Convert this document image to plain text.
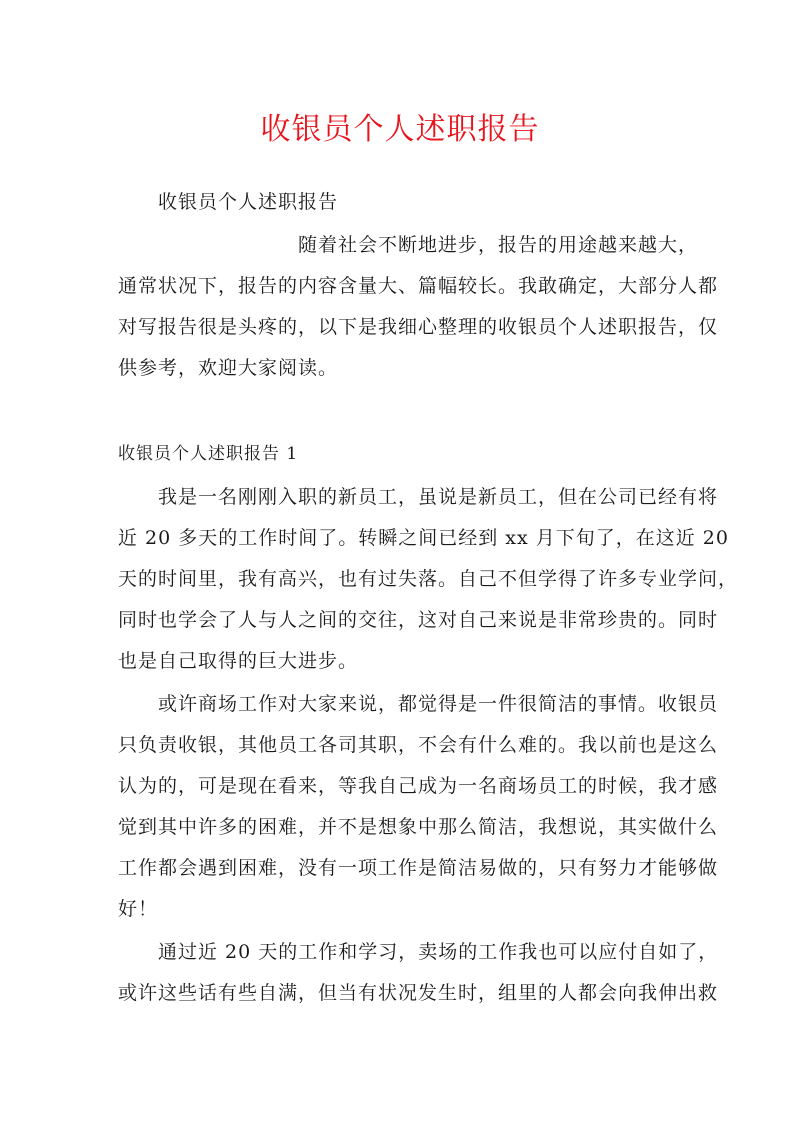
收银员个人述职报告

收银员个人述职报告

随着社会不断地进步，报告的用途越来越大，

通常状况下，报告的内容含量大、篇幅较长。我敢确定，大部分人都

对写报告很是头疼的，以下是我细心整理的收银员个人述职报告，仅

供参考，欢迎大家阅读。

收银员个人述职报告 1

我是一名刚刚入职的新员工，虽说是新员工，但在公司已经有将

近 20 多天的工作时间了。转瞬之间已经到 xx 月下旬了，在这近 20

天的时间里，我有高兴，也有过失落。自己不但学得了许多专业学问，

同时也学会了人与人之间的交往，这对自己来说是非常珍贵的。同时

也是自己取得的巨大进步。

或许商场工作对大家来说，都觉得是一件很简洁的事情。收银员

只负责收银，其他员工各司其职，不会有什么难的。我以前也是这么

认为的，可是现在看来，等我自己成为一名商场员工的时候，我才感

觉到其中许多的困难，并不是想象中那么简洁，我想说，其实做什么

工作都会遇到困难，没有一项工作是简洁易做的，只有努力才能够做

好！

通过近 20 天的工作和学习，卖场的工作我也可以应付自如了，

或许这些话有些自满，但当有状况发生时，组里的人都会向我伸出救
